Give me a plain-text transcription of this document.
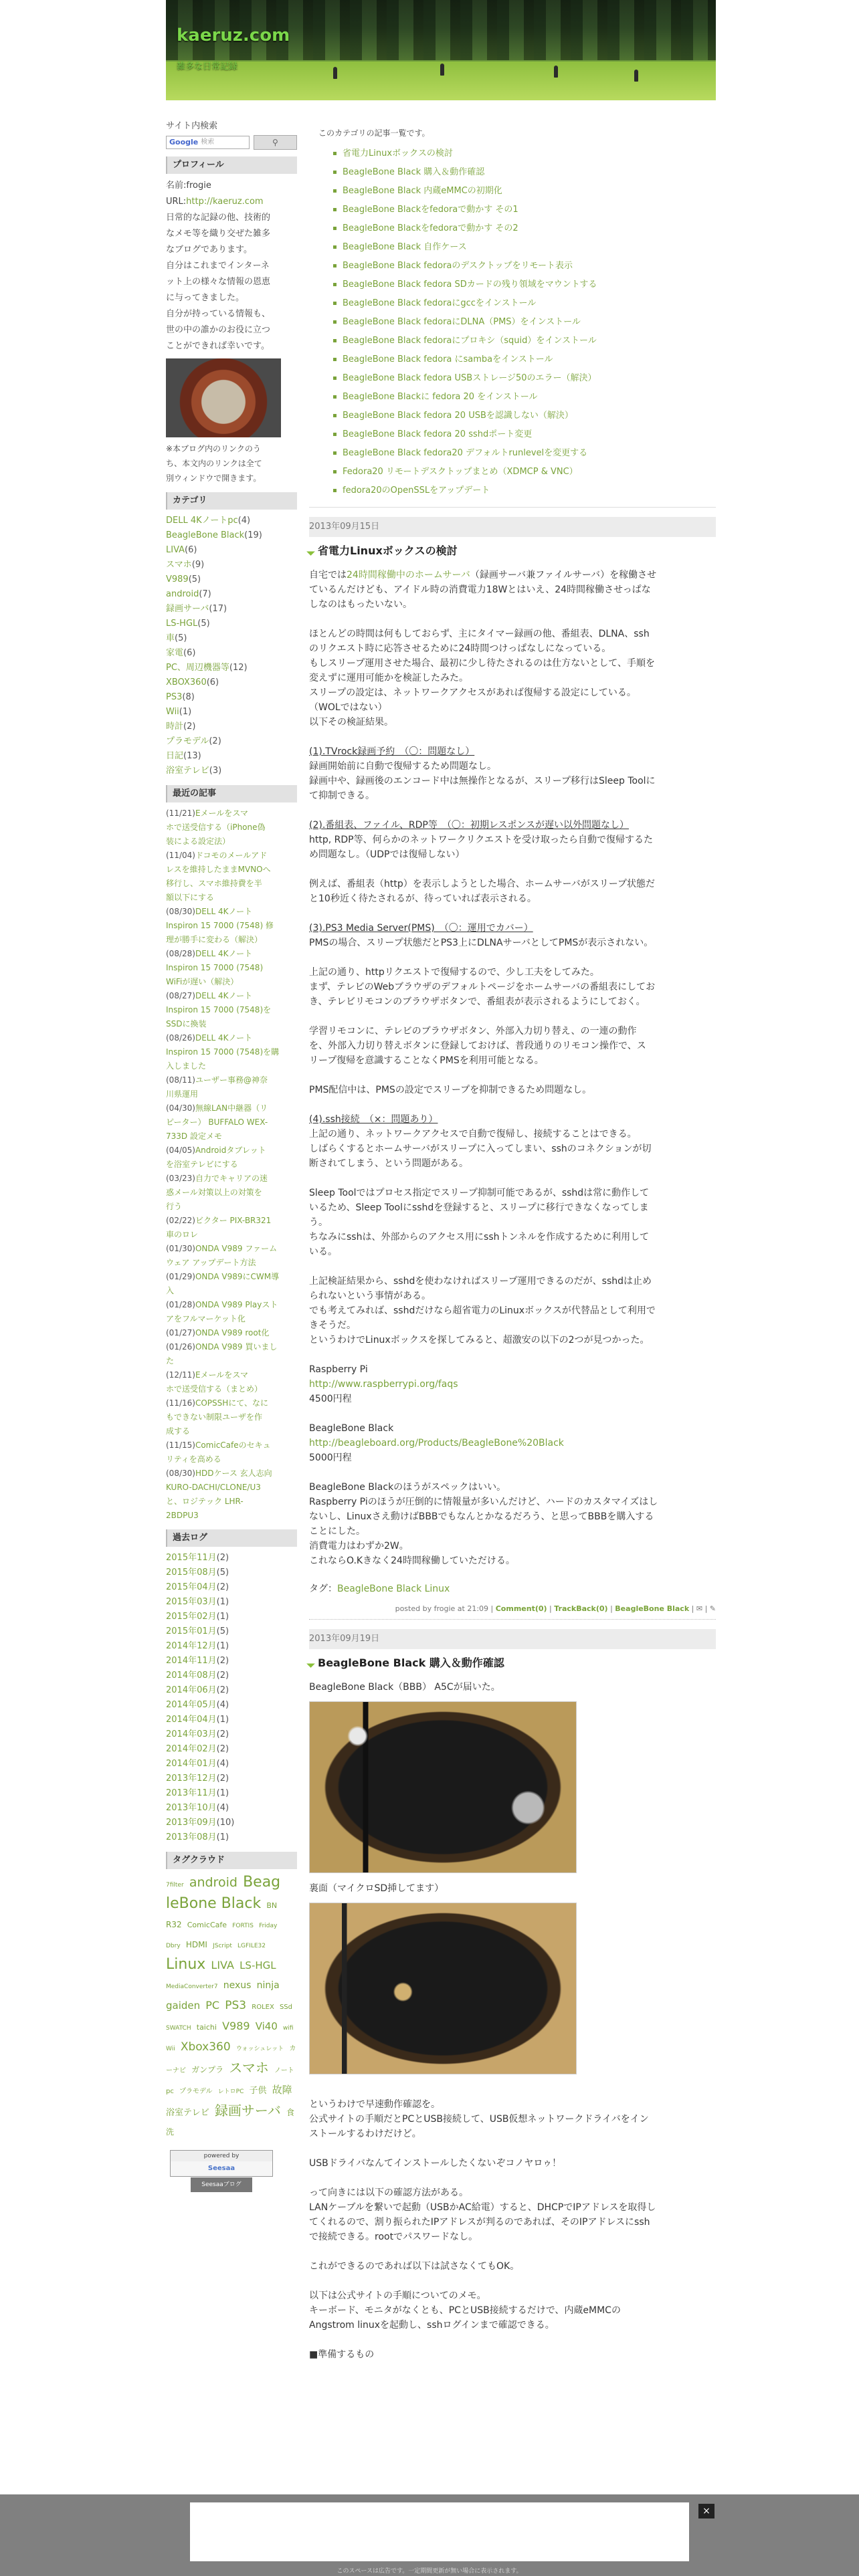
kaeruz.com

雑多な日常記録

サイト内検索
Google 検索	⚲
プロフィール
名前:frogie
URL:http://kaeruz.com
日常的な記録の他、技術的
なメモ等を織り交ぜた雑多
なブログであります。
自分はこれまでインターネ
ット上の様々な情報の恩恵
に与ってきました。
自分が持っている情報も、
世の中の誰かのお役に立つ
ことができれば幸いです。
※本ブログ内のリンクのう
ち、本文内のリンクは全て
別ウィンドウで開きます。
カテゴリ
DELL 4Kノートpc(4)
BeagleBone Black(19)
LIVA(6)
スマホ(9)
V989(5)
android(7)
録画サーバ(17)
LS-HGL(5)
車(5)
家電(6)
PC、周辺機器等(12)
XBOX360(6)
PS3(8)
Wii(1)
時計(2)
プラモデル(2)
日記(13)
浴室テレビ(3)
最近の記事
(11/21)Eメールをスマ
ホで送受信する（iPhone偽
装による設定法）
(11/04)ドコモのメールアド
レスを維持したままMVNOへ
移行し、スマホ維持費を半
額以下にする
(08/30)DELL 4Kノート
Inspiron 15 7000 (7548) 修
理が勝手に変わる（解決）
(08/28)DELL 4Kノート
Inspiron 15 7000 (7548)
WiFiが遅い（解決）
(08/27)DELL 4Kノート
Inspiron 15 7000 (7548)を
SSDに換装
(08/26)DELL 4Kノート
Inspiron 15 7000 (7548)を購
入しました
(08/11)ユーザー事務@神奈
川県運用
(04/30)無線LAN中継器（リ
ピーター） BUFFALO WEX-
733D 設定メモ
(04/05)Androidタブレット
を浴室テレビにする
(03/23)自力でキャリアの迷
惑メール対策以上の対策を
行う
(02/22)ビクター PIX-BR321
車のロレ
(01/30)ONDA V989 ファーム
ウェア アップデート方法
(01/29)ONDA V989にCWM導
入
(01/28)ONDA V989 Playスト
アをフルマーケット化
(01/27)ONDA V989 root化
(01/26)ONDA V989 買いまし
た
(12/11)Eメールをスマ
ホで送受信する（まとめ）
(11/16)COPSSHにて、なに
もできない制限ユーザを作
成する
(11/15)ComicCafeのセキュ
リティを高める
(08/30)HDDケース 玄人志向
KURO-DACHI/CLONE/U3
と、ロジテック LHR-
2BDPU3
過去ログ
2015年11月(2)
2015年08月(5)
2015年04月(2)
2015年03月(1)
2015年02月(1)
2015年01月(5)
2014年12月(1)
2014年11月(2)
2014年08月(2)
2014年06月(2)
2014年05月(4)
2014年04月(1)
2014年03月(2)
2014年02月(2)
2014年01月(4)
2013年12月(2)
2013年11月(1)
2013年10月(4)
2013年09月(10)
2013年08月(1)
タグクラウド
7filter android Beag leBone Black BN R32 ComicCafe FORTIS Friday Dbry HDMI JScript LGFILE32 Linux LIVA LS-HGL MediaConverter7 nexus ninja gaiden PC PS3 ROLEX SSd SWATCH taichi V989 Vi40 wifi Wii Xbox360 ウォッシュレット カーナビ ガンプラ スマホ ノートpc プラモデル レトロPC 子供 故障 浴室テレビ 録画サーバ 食洗
powered by
Seesaa
Seesaaブログ
このカテゴリの記事一覧です。
省電力Linuxボックスの検討
BeagleBone Black 購入＆動作確認
BeagleBone Black 内蔵eMMCの初期化
BeagleBone Blackをfedoraで動かす その1
BeagleBone Blackをfedoraで動かす その2
BeagleBone Black 自作ケース
BeagleBone Black fedoraのデスクトップをリモート表示
BeagleBone Black fedora SDカードの残り領域をマウントする
BeagleBone Black fedoraにgccをインストール
BeagleBone Black fedoraにDLNA（PMS）をインストール
BeagleBone Black fedoraにプロキシ（squid）をインストール
BeagleBone Black fedora にsambaをインストール
BeagleBone Black fedora USBストレージ50のエラー（解決）
BeagleBone Blackに fedora 20 をインストール
BeagleBone Black fedora 20 USBを認識しない（解決）
BeagleBone Black fedora 20 sshdポート変更
BeagleBone Black fedora20 デフォルトrunlevelを変更する
Fedora20 リモートデスクトップまとめ（XDMCP & VNC）
fedora20のOpenSSLをアップデート
2013年09月15日
省電力Linuxボックスの検討

自宅では24時間稼働中のホームサーバ（録画サーバ兼ファイルサーバ）を稼働させ

ているんだけども、アイドル時の消費電力18Wとはいえ、24時間稼働させっぱな

しなのはもったいない。

ほとんどの時間は何もしておらず、主にタイマー録画の他、番組表、DLNA、ssh

のリクエスト時に応答させるために24時間つけっぱなしになっている。

もしスリープ運用させた場合、最初に少し待たされるのは仕方ないとして、手順を

変えずに運用可能かを検証したみた。

スリープの設定は、ネットワークアクセスがあれば復帰する設定にしている。

（WOLではない）

以下その検証結果。

(1).TVrock録画予約　（〇：問題なし）

録画開始前に自動で復帰するため問題なし。

録画中や、録画後のエンコード中は無操作となるが、スリープ移行はSleep Toolに

て抑制できる。

(2).番組表、ファイル、RDP等　（〇：初期レスポンスが遅い以外問題なし）

http, RDP等、何らかのネットワークリクエストを受け取ったら自動で復帰するた

め問題なし。（UDPでは復帰しない）

例えば、番組表（http）を表示しようとした場合、ホームサーバがスリープ状態だ

と10秒近く待たされるが、待っていれば表示される。

(3).PS3 Media Server(PMS)　（〇：運用でカバー）

PMSの場合、スリープ状態だとPS3上にDLNAサーバとしてPMSが表示されない。

上記の通り、httpリクエストで復帰するので、少し工夫をしてみた。

まず、テレビのWebブラウザのデフォルトページをホームサーバの番組表にしてお

き、テレビリモコンのブラウザボタンで、番組表が表示されるようにしておく。

学習リモコンに、テレビのブラウザボタン、外部入力切り替え、の一連の動作

を、外部入力切り替えボタンに登録しておけば、普段通りのリモコン操作で、ス

リープ復帰を意識することなくPMSを利用可能となる。

PMS配信中は、PMSの設定でスリープを抑制できるため問題なし。

(4).ssh接続　（×：問題あり）

上記の通り、ネットワークアクセスで自動で復帰し、接続することはできる。

しばらくするとホームサーバがスリープに入ってしまい、sshのコネクションが切

断されてしまう、という問題がある。

Sleep Toolではプロセス指定でスリープ抑制可能であるが、sshdは常に動作して

いるため、Sleep Toolにsshdを登録すると、スリープに移行できなくなってしま

う。

ちなみにsshは、外部からのアクセス用にsshトンネルを作成するために利用して

いる。

上記検証結果から、sshdを使わなければスリープ運用できるのだが、sshdは止め

られないという事情がある。

でも考えてみれば、sshdだけなら超省電力のLinuxボックスが代替品として利用で

きそうだ。

というわけでLinuxボックスを探してみると、超激安の以下の2つが見つかった。

Raspberry Pi

http://www.raspberrypi.org/faqs

4500円程

BeagleBone Black

http://beagleboard.org/Products/BeagleBone%20Black

5000円程

BeagleBone Blackのほうがスペックはいい。

Raspberry Piのほうが圧倒的に情報量が多いんだけど、ハードのカスタマイズはし

ないし、Linuxさえ動けばBBBでもなんとかなるだろう、と思ってBBBを購入する

ことにした。

消費電力はわずか2W。

これならO.Kきなく24時間稼働していただける。

タグ：BeagleBone Black Linux
posted by frogie at 21:09 | Comment(0) | TrackBack(0) | BeagleBone Black | ✉ | ✎
2013年09月19日
BeagleBone Black 購入＆動作確認

BeagleBone Black（BBB） A5Cが届いた。

裏面（マイクロSD挿してます）

というわけで早速動作確認を。

公式サイトの手順だとPCとUSB接続して、USB仮想ネットワークドライバをイン

ストールするわけだけど。

USBドライバなんてインストールしたくないぞコノヤロゥ！

って向きには以下の確認方法がある。

LANケーブルを繋いで起動（USBかAC給電）すると、DHCPでIPアドレスを取得し

てくれるので、割り振られたIPアドレスが判るのであれば、そのIPアドレスにssh

で接続できる。rootでパスワードなし。

これができるのであれば以下は試さなくてもOK。

以下は公式サイトの手順についてのメモ。

キーボード、モニタがなくとも、PCとUSB接続するだけで、内蔵eMMCの

Angstrom linuxを起動し、sshログインまで確認できる。

■準備するもの

×
このスペースは広告です。一定期間更新が無い場合に表示されます。
